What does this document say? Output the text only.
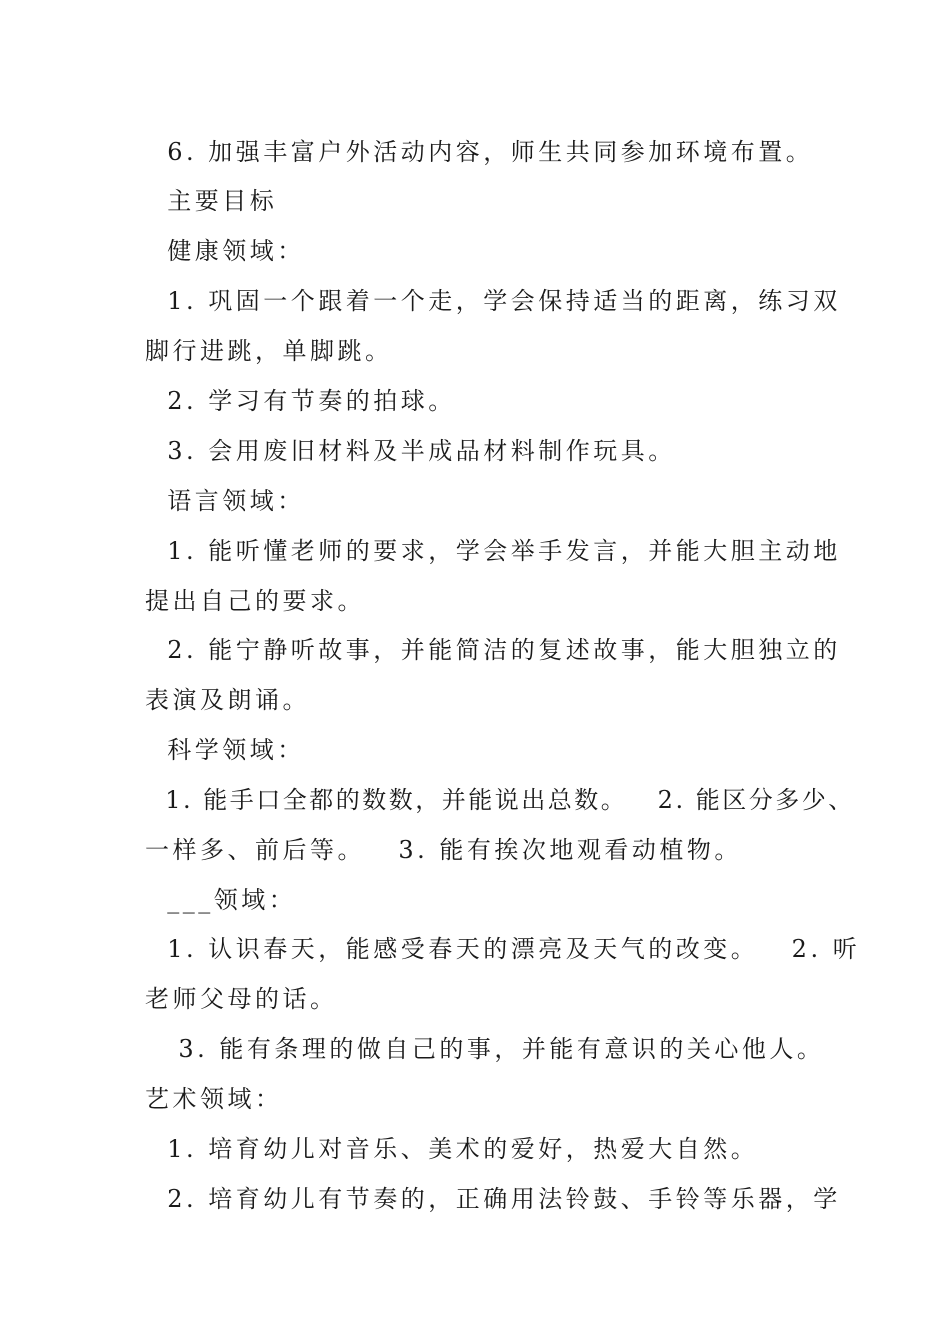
6. 加强丰富户外活动内容，师生共同参加环境布置。
主要目标
健康领域：
1. 巩固一个跟着一个走，学会保持适当的距离，练习双
脚行进跳，单脚跳。
2. 学习有节奏的拍球。
3. 会用废旧材料及半成品材料制作玩具。
语言领域：
1. 能听懂老师的要求，学会举手发言，并能大胆主动地
提出自己的要求。
2. 能宁静听故事，并能简洁的复述故事，能大胆独立的
表演及朗诵。
科学领域：
1. 能手口全都的数数，并能说出总数。   2. 能区分多少、
一样多、前后等。   3. 能有挨次地观看动植物。
___领域：
1. 认识春天，能感受春天的漂亮及天气的改变。   2. 听
老师父母的话。
3. 能有条理的做自己的事，并能有意识的关心他人。
艺术领域：
1. 培育幼儿对音乐、美术的爱好，热爱大自然。
2. 培育幼儿有节奏的，正确用法铃鼓、手铃等乐器，学
